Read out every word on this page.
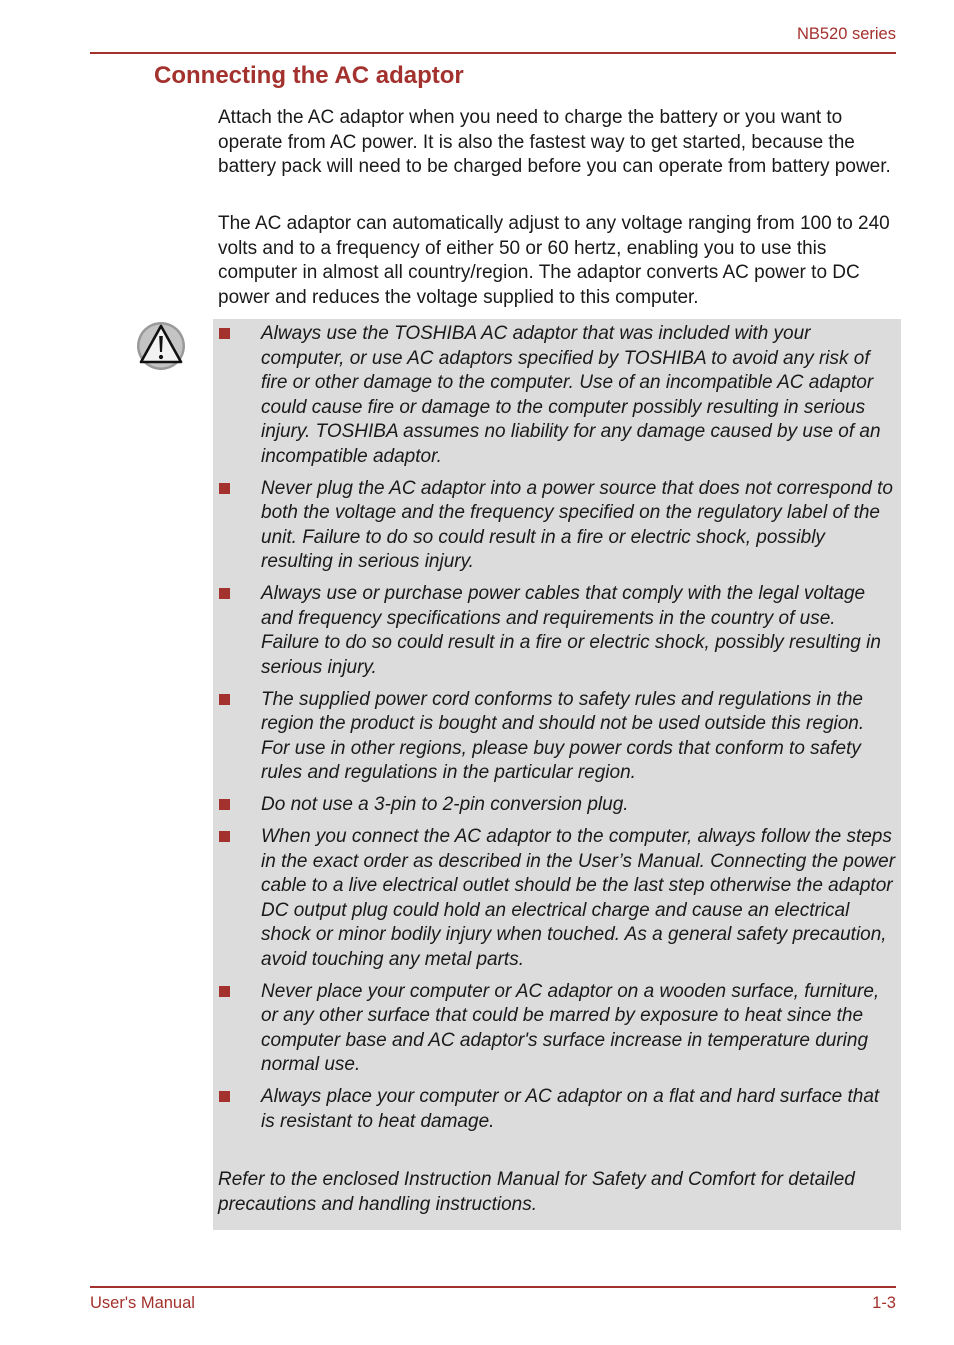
NB520 series
Connecting the AC adaptor

Attach the AC adaptor when you need to charge the battery or you want to operate from AC power. It is also the fastest way to get started, because the battery pack will need to be charged before you can operate from battery power.

The AC adaptor can automatically adjust to any voltage ranging from 100 to 240 volts and to a frequency of either 50 or 60 hertz, enabling you to use this computer in almost all country/region. The adaptor converts AC power to DC power and reduces the voltage supplied to this computer.

Always use the TOSHIBA AC adaptor that was included with your computer, or use AC adaptors specified by TOSHIBA to avoid any risk of fire or other damage to the computer. Use of an incompatible AC adaptor could cause fire or damage to the computer possibly resulting in serious injury. TOSHIBA assumes no liability for any damage caused by use of an incompatible adaptor.
Never plug the AC adaptor into a power source that does not correspond to both the voltage and the frequency specified on the regulatory label of the unit. Failure to do so could result in a fire or electric shock, possibly resulting in serious injury.
Always use or purchase power cables that comply with the legal voltage and frequency specifications and requirements in the country of use. Failure to do so could result in a fire or electric shock, possibly resulting in serious injury.
The supplied power cord conforms to safety rules and regulations in the region the product is bought and should not be used outside this region. For use in other regions, please buy power cords that conform to safety rules and regulations in the particular region.
Do not use a 3-pin to 2-pin conversion plug.
When you connect the AC adaptor to the computer, always follow the steps in the exact order as described in the User’s Manual. Connecting the power cable to a live electrical outlet should be the last step otherwise the adaptor DC output plug could hold an electrical charge and cause an electrical shock or minor bodily injury when touched. As a general safety precaution, avoid touching any metal parts.
Never place your computer or AC adaptor on a wooden surface, furniture, or any other surface that could be marred by exposure to heat since the computer base and AC adaptor's surface increase in temperature during normal use.
Always place your computer or AC adaptor on a flat and hard surface that is resistant to heat damage.

Refer to the enclosed Instruction Manual for Safety and Comfort for detailed precautions and handling instructions.

User's Manual	1-3
